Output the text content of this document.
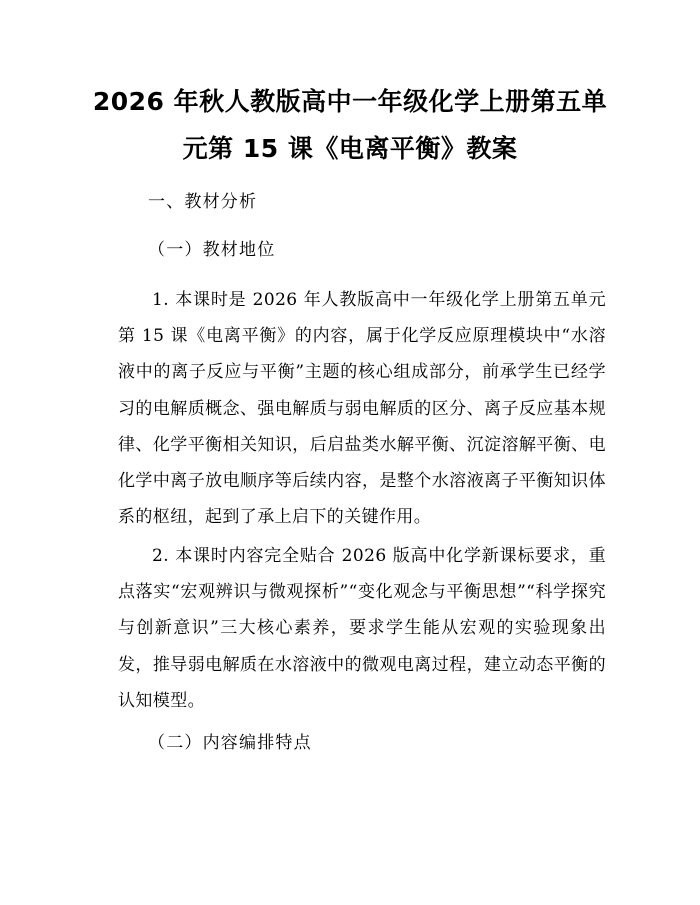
2026 年秋人教版高中一年级化学上册第五单
元第 15 课《电离平衡》教案
一、教材分析
（一）教材地位
1. 本课时是 2026 年人教版高中一年级化学上册第五单元第 15 课《电离平衡》的内容，属于化学反应原理模块中“水溶液中的离子反应与平衡”主题的核心组成部分，前承学生已经学习的电解质概念、强电解质与弱电解质的区分、离子反应基本规律、化学平衡相关知识，后启盐类水解平衡、沉淀溶解平衡、电化学中离子放电顺序等后续内容，是整个水溶液离子平衡知识体系的枢纽，起到了承上启下的关键作用。
2. 本课时内容完全贴合 2026 版高中化学新课标要求，重点落实“宏观辨识与微观探析”“变化观念与平衡思想”“科学探究与创新意识”三大核心素养，要求学生能从宏观的实验现象出发，推导弱电解质在水溶液中的微观电离过程，建立动态平衡的认知模型。
（二）内容编排特点
